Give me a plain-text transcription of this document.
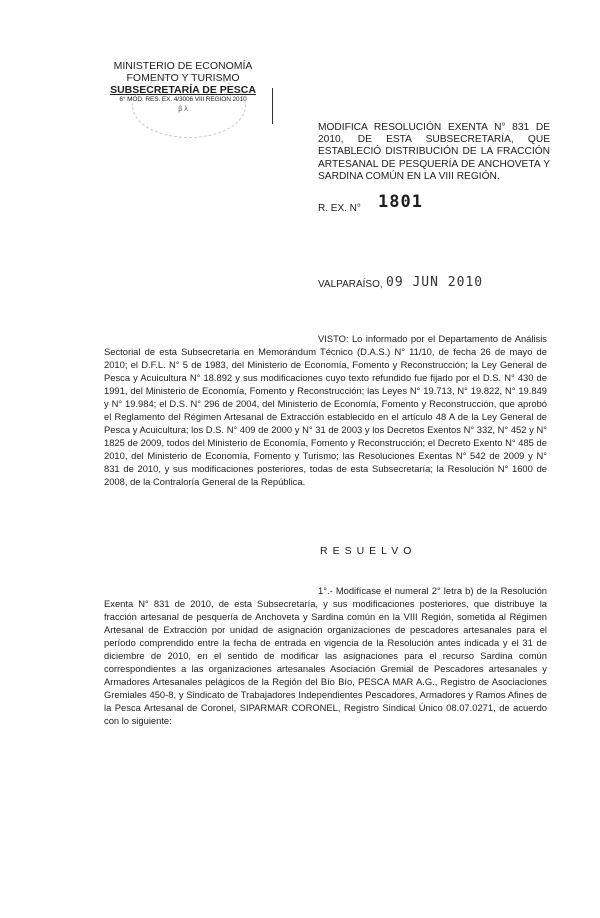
MINISTERIO DE ECONOMÍA
FOMENTO Y TURISMO
SUBSECRETARÍA DE PESCA
6° MOD. RES. EX. 4/3006 VIII REGION 2010
β λ
MODIFICA RESOLUCIÓN EXENTA N° 831 DE 2010, DE ESTA SUBSECRETARÍA, QUE ESTABLECIÓ DISTRIBUCIÓN DE LA FRACCIÓN ARTESANAL DE PESQUERÍA DE ANCHOVETA Y SARDINA COMÚN EN LA VIII REGIÓN.
R. EX. N° 1801
VALPARAÍSO, 09 JUN 2010
VISTO: Lo informado por el Departamento de Análisis Sectorial de esta Subsecretaría en Memorándum Técnico (D.A.S.) N° 11/10, de fecha 26 de mayo de 2010; el D.F.L. N° 5 de 1983, del Ministerio de Economía, Fomento y Reconstrucción; la Ley General de Pesca y Acuicultura N° 18.892 y sus modificaciones cuyo texto refundido fue fijado por el D.S. N° 430 de 1991, del Ministerio de Economía, Fomento y Reconstrucción; las Leyes N° 19.713, N° 19.822, N° 19.849 y N° 19.984; el D.S. N° 296 de 2004, del Ministerio de Economía, Fomento y Reconstrucción, que aprobó el Reglamento del Régimen Artesanal de Extracción establecido en el artículo 48 A de la Ley General de Pesca y Acuicultura; los D.S. N° 409 de 2000 y N° 31 de 2003 y los Decretos Exentos N° 332, N° 452 y N° 1825 de 2009, todos del Ministerio de Economía, Fomento y Reconstrucción; el Decreto Exento N° 485 de 2010, del Ministerio de Economía, Fomento y Turismo; las Resoluciones Exentas N° 542 de 2009 y N° 831 de 2010, y sus modificaciones posteriores, todas de esta Subsecretaría; la Resolución N° 1600 de 2008, de la Contraloría General de la República.
RESUELVO
1°.- Modifícase el numeral 2° letra b) de la Resolución Exenta N° 831 de 2010, de esta Subsecretaría, y sus modificaciones posteriores, que distribuye la fracción artesanal de pesquería de Anchoveta y Sardina común en la VIII Región, sometida al Régimen Artesanal de Extracción por unidad de asignación organizaciones de pescadores artesanales para el período comprendido entre la fecha de entrada en vigencia de la Resolución antes indicada y el 31 de diciembre de 2010, en el sentido de modificar las asignaciones para el recurso Sardina común correspondientes a las organizaciones artesanales Asociación Gremial de Pescadores artesanales y Armadores Artesanales pelágicos de la Región del Bío Bío, PESCA MAR A.G., Registro de Asociaciones Gremiales 450-8, y Sindicato de Trabajadores Independientes Pescadores, Armadores y Ramos Afines de la Pesca Artesanal de Coronel, SIPARMAR CORONEL, Registro Sindical Único 08.07.0271, de acuerdo con lo siguiente:
